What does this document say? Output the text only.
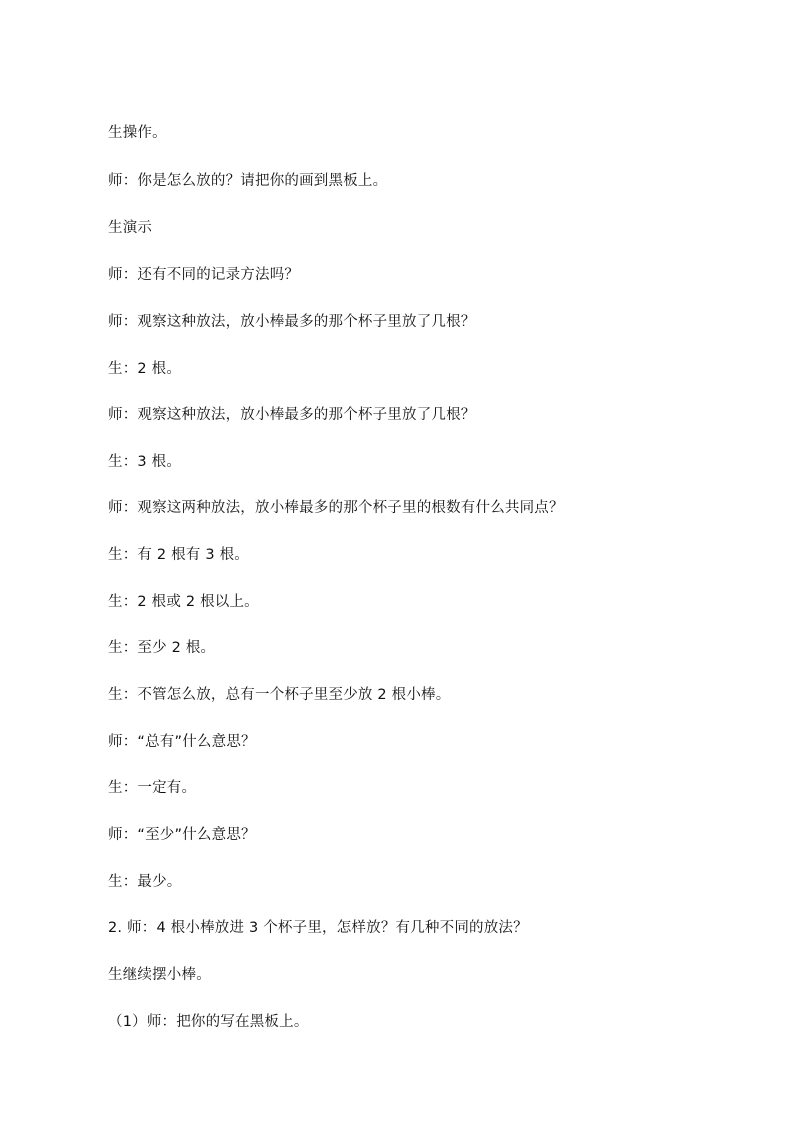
生操作。
师：你是怎么放的？请把你的画到黑板上。
生演示
师：还有不同的记录方法吗？
师：观察这种放法，放小棒最多的那个杯子里放了几根？
生：2 根。
师：观察这种放法，放小棒最多的那个杯子里放了几根？
生：3 根。
师：观察这两种放法，放小棒最多的那个杯子里的根数有什么共同点？
生：有 2 根有 3 根。
生：2 根或 2 根以上。
生：至少 2 根。
生：不管怎么放，总有一个杯子里至少放 2 根小棒。
师：“总有”什么意思？
生：一定有。
师：“至少”什么意思？
生：最少。
2. 师：4 根小棒放进 3 个杯子里，怎样放？有几种不同的放法？
生继续摆小棒。
（1）师：把你的写在黑板上。
